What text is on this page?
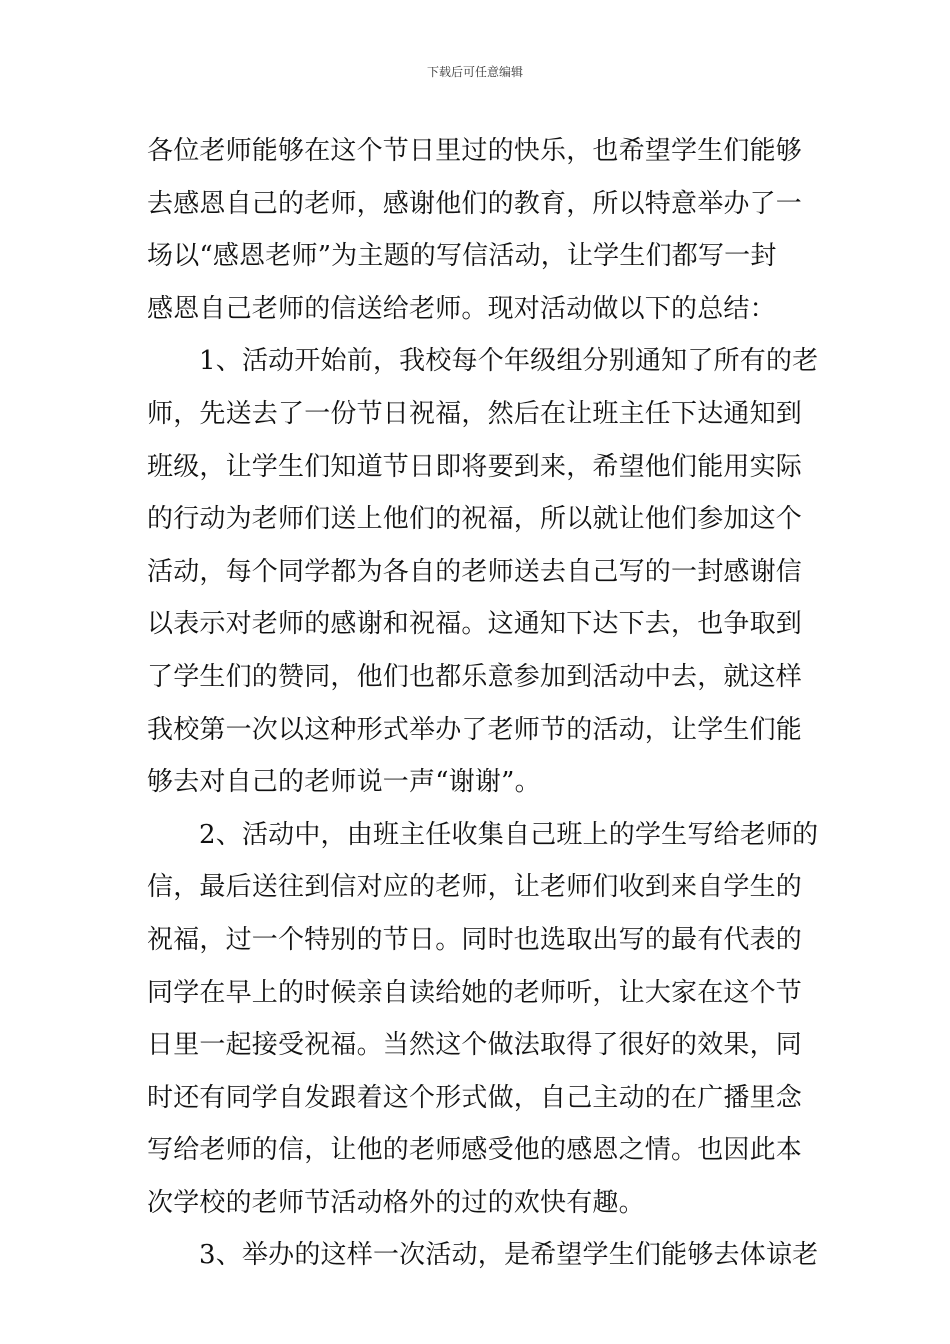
下载后可任意编辑
各位老师能够在这个节日里过的快乐，也希望学生们能够
去感恩自己的老师，感谢他们的教育，所以特意举办了一
场以“感恩老师”为主题的写信活动，让学生们都写一封
感恩自己老师的信送给老师。现对活动做以下的总结：
1、活动开始前，我校每个年级组分别通知了所有的老
师，先送去了一份节日祝福，然后在让班主任下达通知到
班级，让学生们知道节日即将要到来，希望他们能用实际
的行动为老师们送上他们的祝福，所以就让他们参加这个
活动，每个同学都为各自的老师送去自己写的一封感谢信
以表示对老师的感谢和祝福。这通知下达下去，也争取到
了学生们的赞同，他们也都乐意参加到活动中去，就这样
我校第一次以这种形式举办了老师节的活动，让学生们能
够去对自己的老师说一声“谢谢”。
2、活动中，由班主任收集自己班上的学生写给老师的
信，最后送往到信对应的老师，让老师们收到来自学生的
祝福，过一个特别的节日。同时也选取出写的最有代表的
同学在早上的时候亲自读给她的老师听，让大家在这个节
日里一起接受祝福。当然这个做法取得了很好的效果，同
时还有同学自发跟着这个形式做，自己主动的在广播里念
写给老师的信，让他的老师感受他的感恩之情。也因此本
次学校的老师节活动格外的过的欢快有趣。
3、举办的这样一次活动，是希望学生们能够去体谅老
